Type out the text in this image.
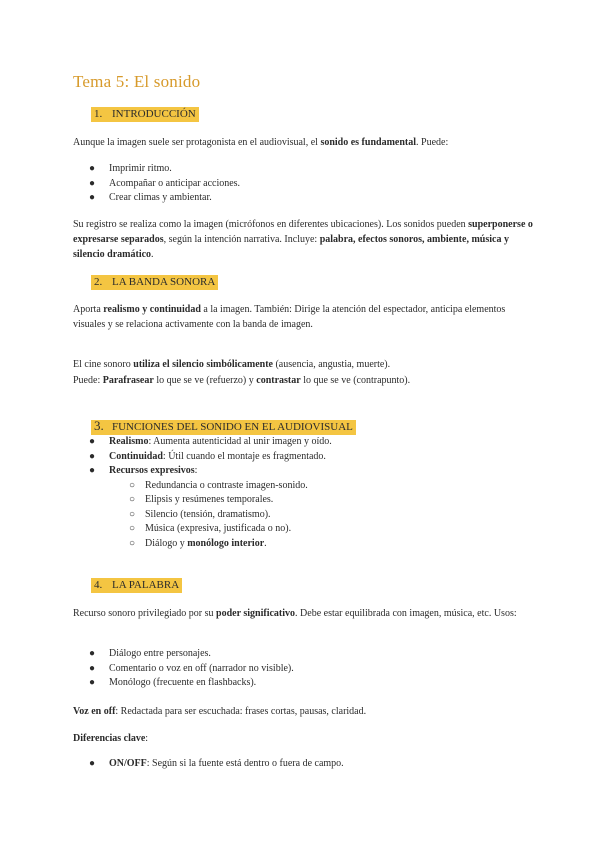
Tema 5: El sonido
1. INTRODUCCIÓN
Aunque la imagen suele ser protagonista en el audiovisual, el sonido es fundamental. Puede:
● Imprimir ritmo.
● Acompañar o anticipar acciones.
● Crear climas y ambientar.
Su registro se realiza como la imagen (micrófonos en diferentes ubicaciones). Los sonidos pueden superponerse o expresarse separados, según la intención narrativa. Incluye: palabra, efectos sonoros, ambiente, música y silencio dramático.
2. LA BANDA SONORA
Aporta realismo y continuidad a la imagen. También: Dirige la atención del espectador, anticipa elementos visuales y se relaciona activamente con la banda de imagen.
El cine sonoro utiliza el silencio simbólicamente (ausencia, angustia, muerte).
Puede: Parafrasear lo que se ve (refuerzo) y contrastar lo que se ve (contrapunto).
3. FUNCIONES DEL SONIDO EN EL AUDIOVISUAL
● Realismo: Aumenta autenticidad al unir imagen y oído.
● Continuidad: Útil cuando el montaje es fragmentado.
● Recursos expresivos:
○ Redundancia o contraste imagen-sonido.
○ Elipsis y resúmenes temporales.
○ Silencio (tensión, dramatismo).
○ Música (expresiva, justificada o no).
○ Diálogo y monólogo interior.
4. LA PALABRA
Recurso sonoro privilegiado por su poder significativo. Debe estar equilibrada con imagen, música, etc. Usos:
● Diálogo entre personajes.
● Comentario o voz en off (narrador no visible).
● Monólogo (frecuente en flashbacks).
Voz en off: Redactada para ser escuchada: frases cortas, pausas, claridad.
Diferencias clave:
● ON/OFF: Según si la fuente está dentro o fuera de campo.
